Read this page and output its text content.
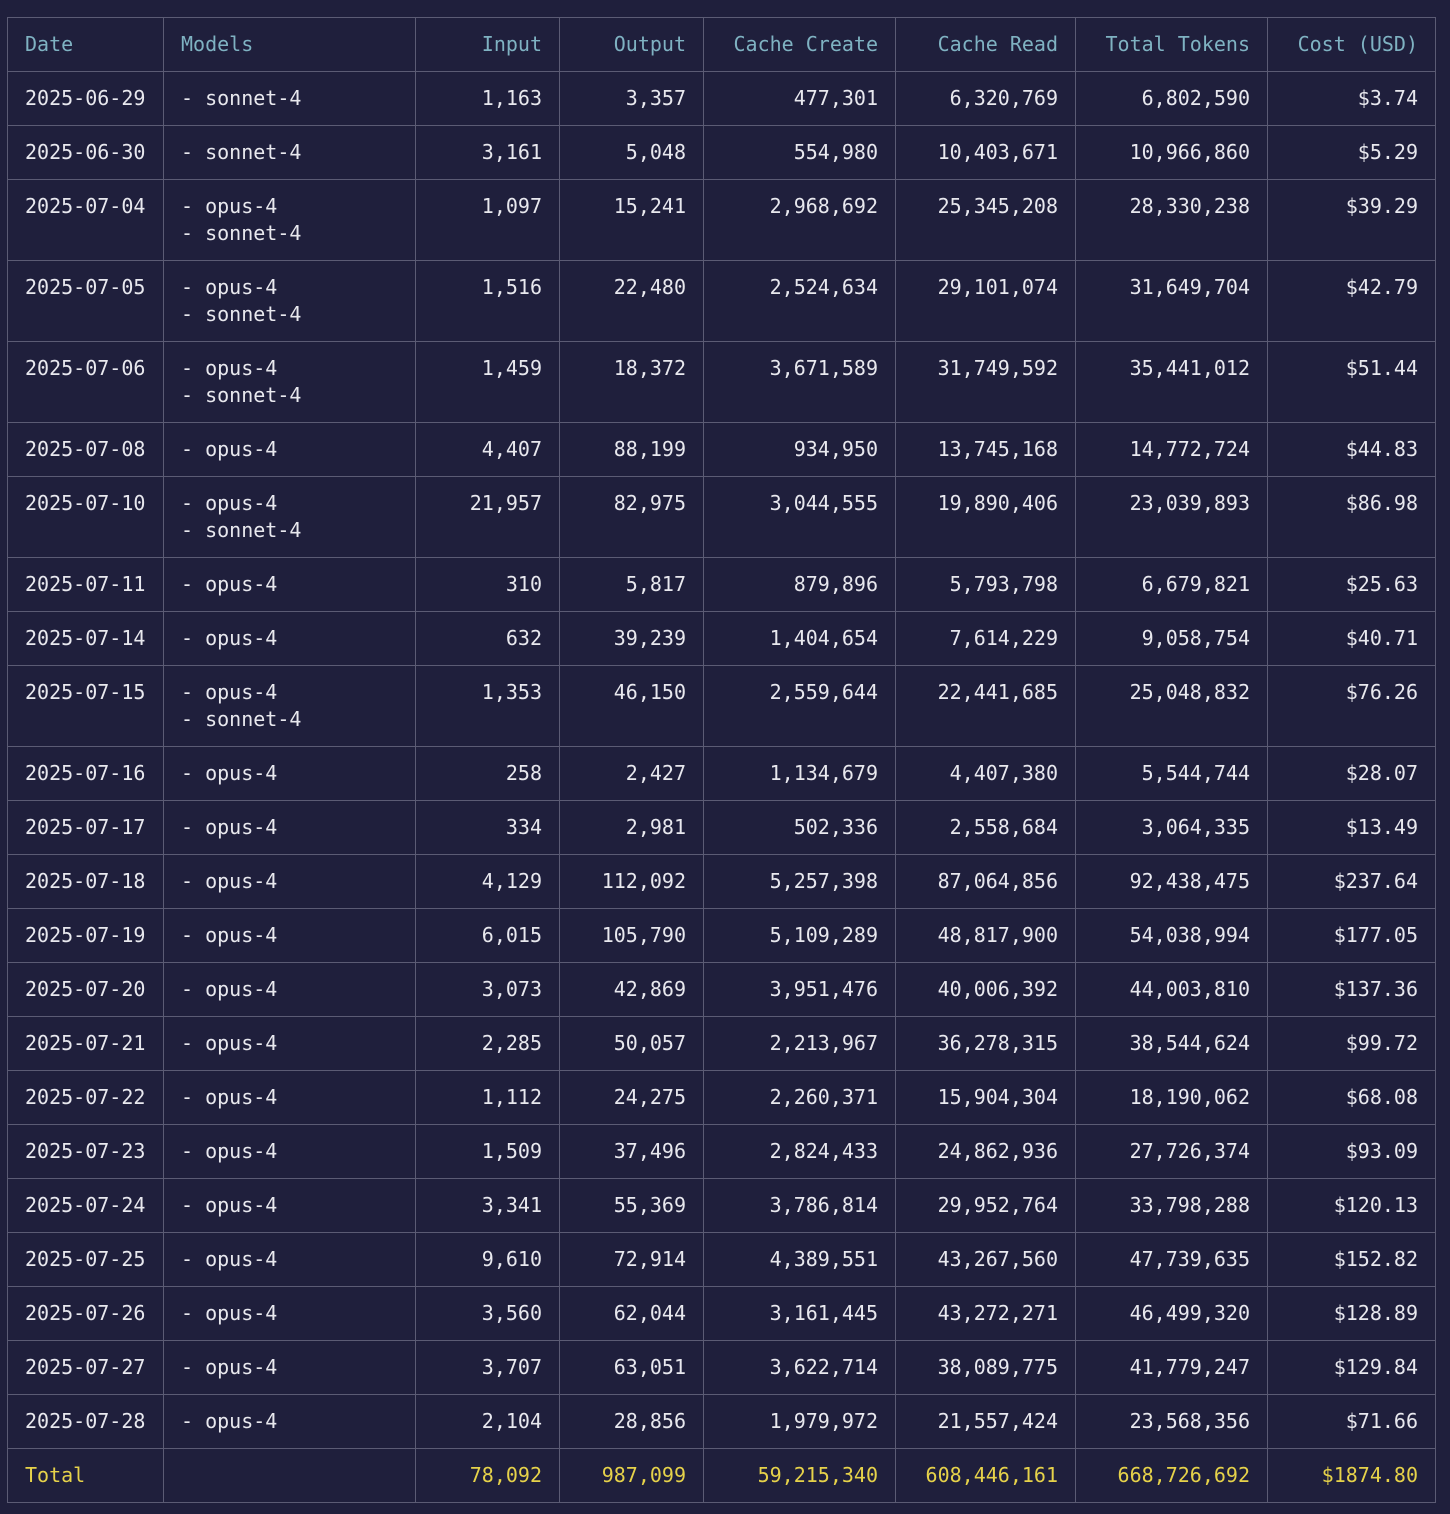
Date	Models	Input	Output	Cache Create	Cache Read	Total Tokens	Cost (USD)
2025-06-29	- sonnet-4	1,163	3,357	477,301	6,320,769	6,802,590	$3.74
2025-06-30	- sonnet-4	3,161	5,048	554,980	10,403,671	10,966,860	$5.29
2025-07-04	- opus-4
- sonnet-4	1,097	15,241	2,968,692	25,345,208	28,330,238	$39.29
2025-07-05	- opus-4
- sonnet-4	1,516	22,480	2,524,634	29,101,074	31,649,704	$42.79
2025-07-06	- opus-4
- sonnet-4	1,459	18,372	3,671,589	31,749,592	35,441,012	$51.44
2025-07-08	- opus-4	4,407	88,199	934,950	13,745,168	14,772,724	$44.83
2025-07-10	- opus-4
- sonnet-4	21,957	82,975	3,044,555	19,890,406	23,039,893	$86.98
2025-07-11	- opus-4	310	5,817	879,896	5,793,798	6,679,821	$25.63
2025-07-14	- opus-4	632	39,239	1,404,654	7,614,229	9,058,754	$40.71
2025-07-15	- opus-4
- sonnet-4	1,353	46,150	2,559,644	22,441,685	25,048,832	$76.26
2025-07-16	- opus-4	258	2,427	1,134,679	4,407,380	5,544,744	$28.07
2025-07-17	- opus-4	334	2,981	502,336	2,558,684	3,064,335	$13.49
2025-07-18	- opus-4	4,129	112,092	5,257,398	87,064,856	92,438,475	$237.64
2025-07-19	- opus-4	6,015	105,790	5,109,289	48,817,900	54,038,994	$177.05
2025-07-20	- opus-4	3,073	42,869	3,951,476	40,006,392	44,003,810	$137.36
2025-07-21	- opus-4	2,285	50,057	2,213,967	36,278,315	38,544,624	$99.72
2025-07-22	- opus-4	1,112	24,275	2,260,371	15,904,304	18,190,062	$68.08
2025-07-23	- opus-4	1,509	37,496	2,824,433	24,862,936	27,726,374	$93.09
2025-07-24	- opus-4	3,341	55,369	3,786,814	29,952,764	33,798,288	$120.13
2025-07-25	- opus-4	9,610	72,914	4,389,551	43,267,560	47,739,635	$152.82
2025-07-26	- opus-4	3,560	62,044	3,161,445	43,272,271	46,499,320	$128.89
2025-07-27	- opus-4	3,707	63,051	3,622,714	38,089,775	41,779,247	$129.84
2025-07-28	- opus-4	2,104	28,856	1,979,972	21,557,424	23,568,356	$71.66
Total		78,092	987,099	59,215,340	608,446,161	668,726,692	$1874.80
